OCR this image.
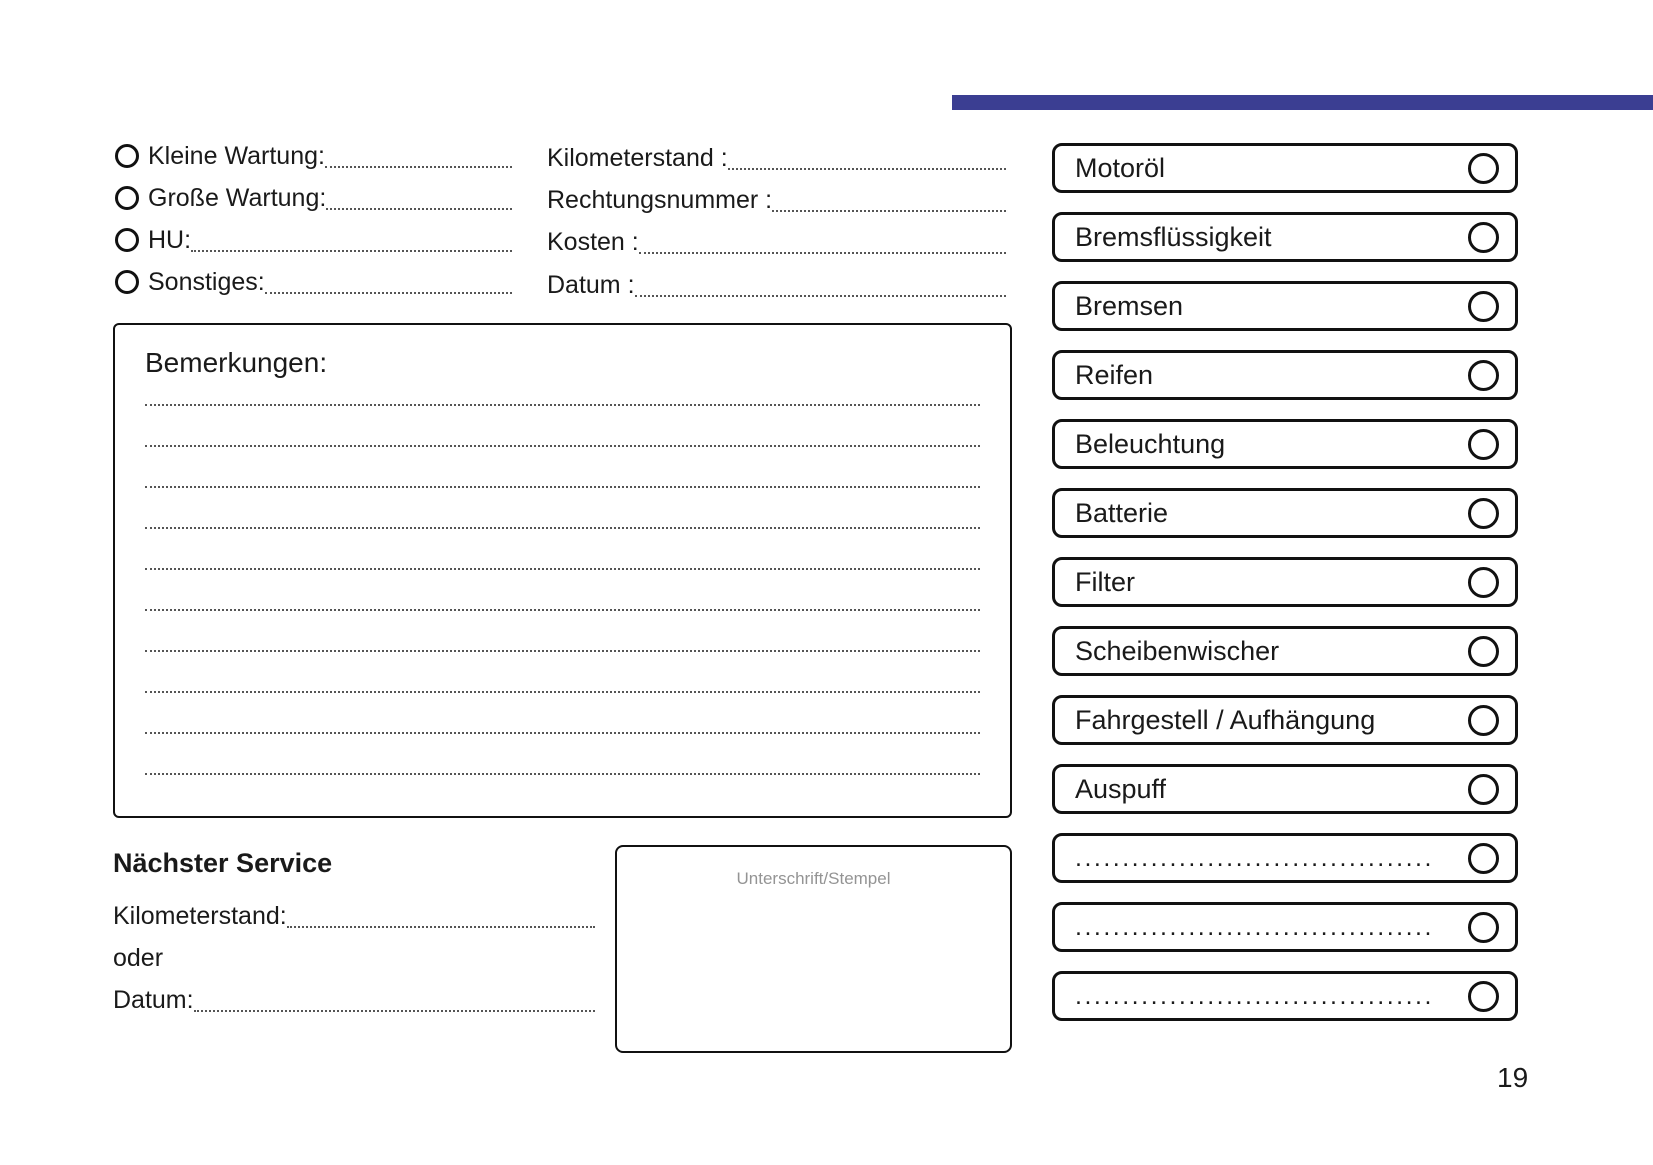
Kleine Wartung:
Große Wartung:
HU:
Sonstiges:
Kilometerstand :
Rechtungsnummer :
Kosten :
Datum :
Bemerkungen:
Nächster Service
Kilometerstand:
oder
Datum:
Unterschrift/Stempel
Motoröl
Bremsflüssigkeit
Bremsen
Reifen
Beleuchtung
Batterie
Filter
Scheibenwischer
Fahrgestell / Aufhängung
Auspuff
......................................
......................................
......................................
19
